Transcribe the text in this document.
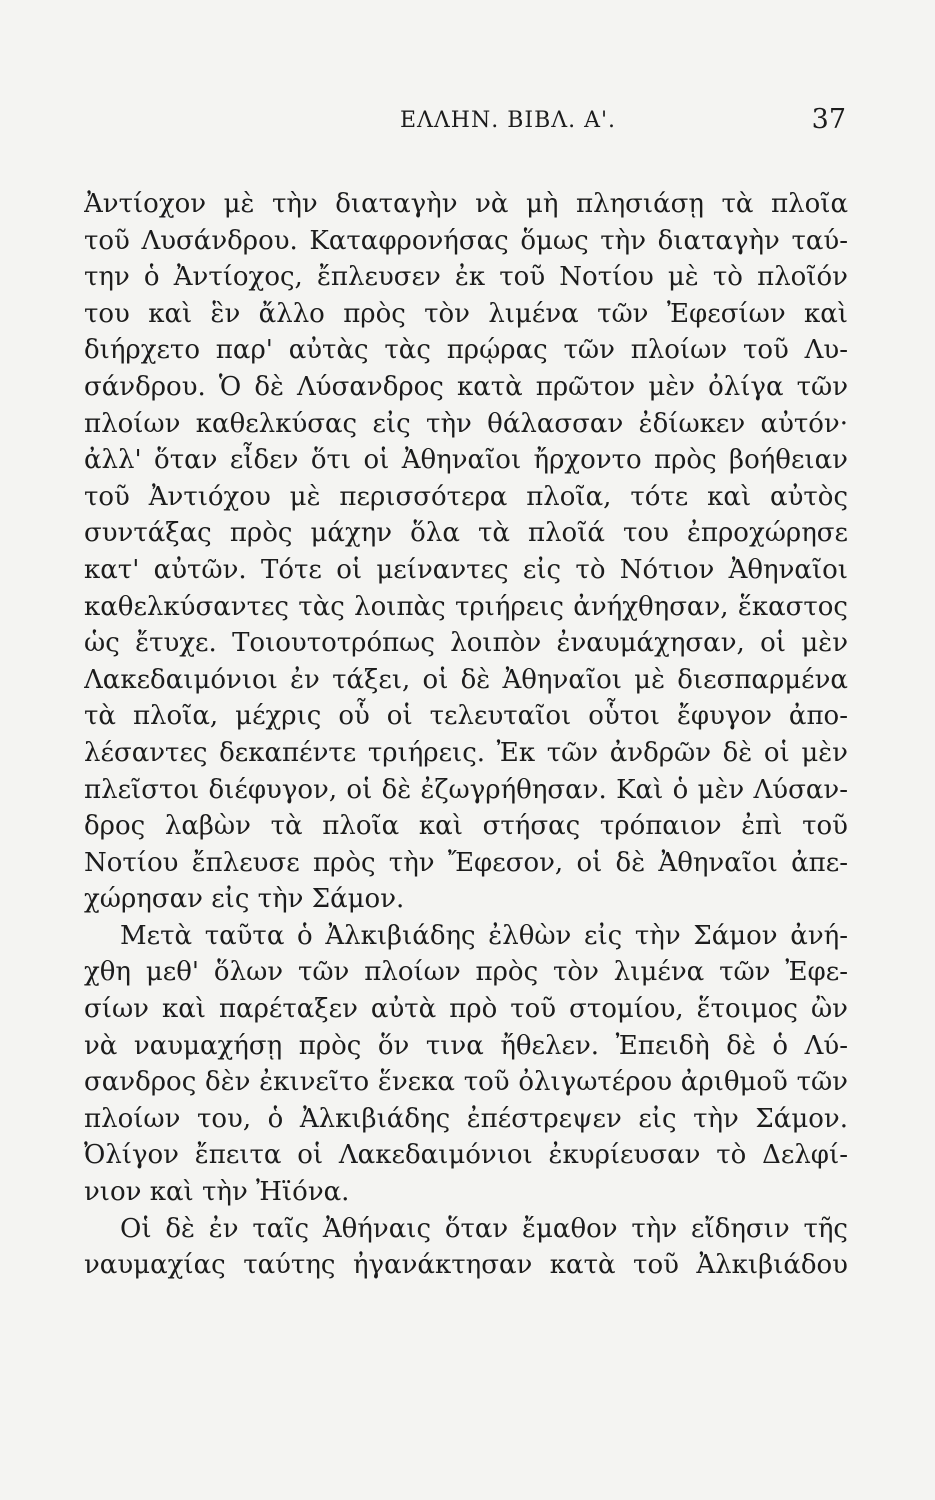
ΕΛΛΗΝ. ΒΙΒΛ. Α'.	37
Ἀντίοχον μὲ τὴν διαταγὴν νὰ μὴ πλησιάσῃ τὰ πλοῖα
τοῦ Λυσάνδρου. Καταφρονήσας ὅμως τὴν διαταγὴν ταύ-
την ὁ Ἀντίοχος, ἔπλευσεν ἐκ τοῦ Νοτίου μὲ τὸ πλοῖόν
του καὶ ἓν ἄλλο πρὸς τὸν λιμένα τῶν Ἐφεσίων καὶ
διήρχετο παρ' αὐτὰς τὰς πρῴρας τῶν πλοίων τοῦ Λυ-
σάνδρου. Ὁ δὲ Λύσανδρος κατὰ πρῶτον μὲν ὀλίγα τῶν
πλοίων καθελκύσας εἰς τὴν θάλασσαν ἐδίωκεν αὐτόν·
ἀλλ' ὅταν εἶδεν ὅτι οἱ Ἀθηναῖοι ἤρχοντο πρὸς βοήθειαν
τοῦ Ἀντιόχου μὲ περισσότερα πλοῖα, τότε καὶ αὐτὸς
συντάξας πρὸς μάχην ὅλα τὰ πλοῖά του ἐπροχώρησε
κατ' αὐτῶν. Τότε οἱ μείναντες εἰς τὸ Νότιον Ἀθηναῖοι
καθελκύσαντες τὰς λοιπὰς τριήρεις ἀνήχθησαν, ἕκαστος
ὡς ἔτυχε. Τοιουτοτρόπως λοιπὸν ἐναυμάχησαν, οἱ μὲν
Λακεδαιμόνιοι ἐν τάξει, οἱ δὲ Ἀθηναῖοι μὲ διεσπαρμένα
τὰ πλοῖα, μέχρις οὗ οἱ τελευταῖοι οὗτοι ἔφυγον ἀπο-
λέσαντες δεκαπέντε τριήρεις. Ἐκ τῶν ἀνδρῶν δὲ οἱ μὲν
πλεῖστοι διέφυγον, οἱ δὲ ἐζωγρήθησαν. Καὶ ὁ μὲν Λύσαν-
δρος λαβὼν τὰ πλοῖα καὶ στήσας τρόπαιον ἐπὶ τοῦ
Νοτίου ἔπλευσε πρὸς τὴν Ἔφεσον, οἱ δὲ Ἀθηναῖοι ἀπε-
χώρησαν εἰς τὴν Σάμον.
Μετὰ ταῦτα ὁ Ἀλκιβιάδης ἐλθὼν εἰς τὴν Σάμον ἀνή-
χθη μεθ' ὅλων τῶν πλοίων πρὸς τὸν λιμένα τῶν Ἐφε-
σίων καὶ παρέταξεν αὐτὰ πρὸ τοῦ στομίου, ἕτοιμος ὢν
νὰ ναυμαχήσῃ πρὸς ὅν τινα ἤθελεν. Ἐπειδὴ δὲ ὁ Λύ-
σανδρος δὲν ἐκινεῖτο ἕνεκα τοῦ ὀλιγωτέρου ἀριθμοῦ τῶν
πλοίων του, ὁ Ἀλκιβιάδης ἐπέστρεψεν εἰς τὴν Σάμον.
Ὀλίγον ἔπειτα οἱ Λακεδαιμόνιοι ἐκυρίευσαν τὸ Δελφί-
νιον καὶ τὴν Ἠϊόνα.
Οἱ δὲ ἐν ταῖς Ἀθήναις ὅταν ἔμαθον τὴν εἴδησιν τῆς
ναυμαχίας ταύτης ἠγανάκτησαν κατὰ τοῦ Ἀλκιβιάδου
